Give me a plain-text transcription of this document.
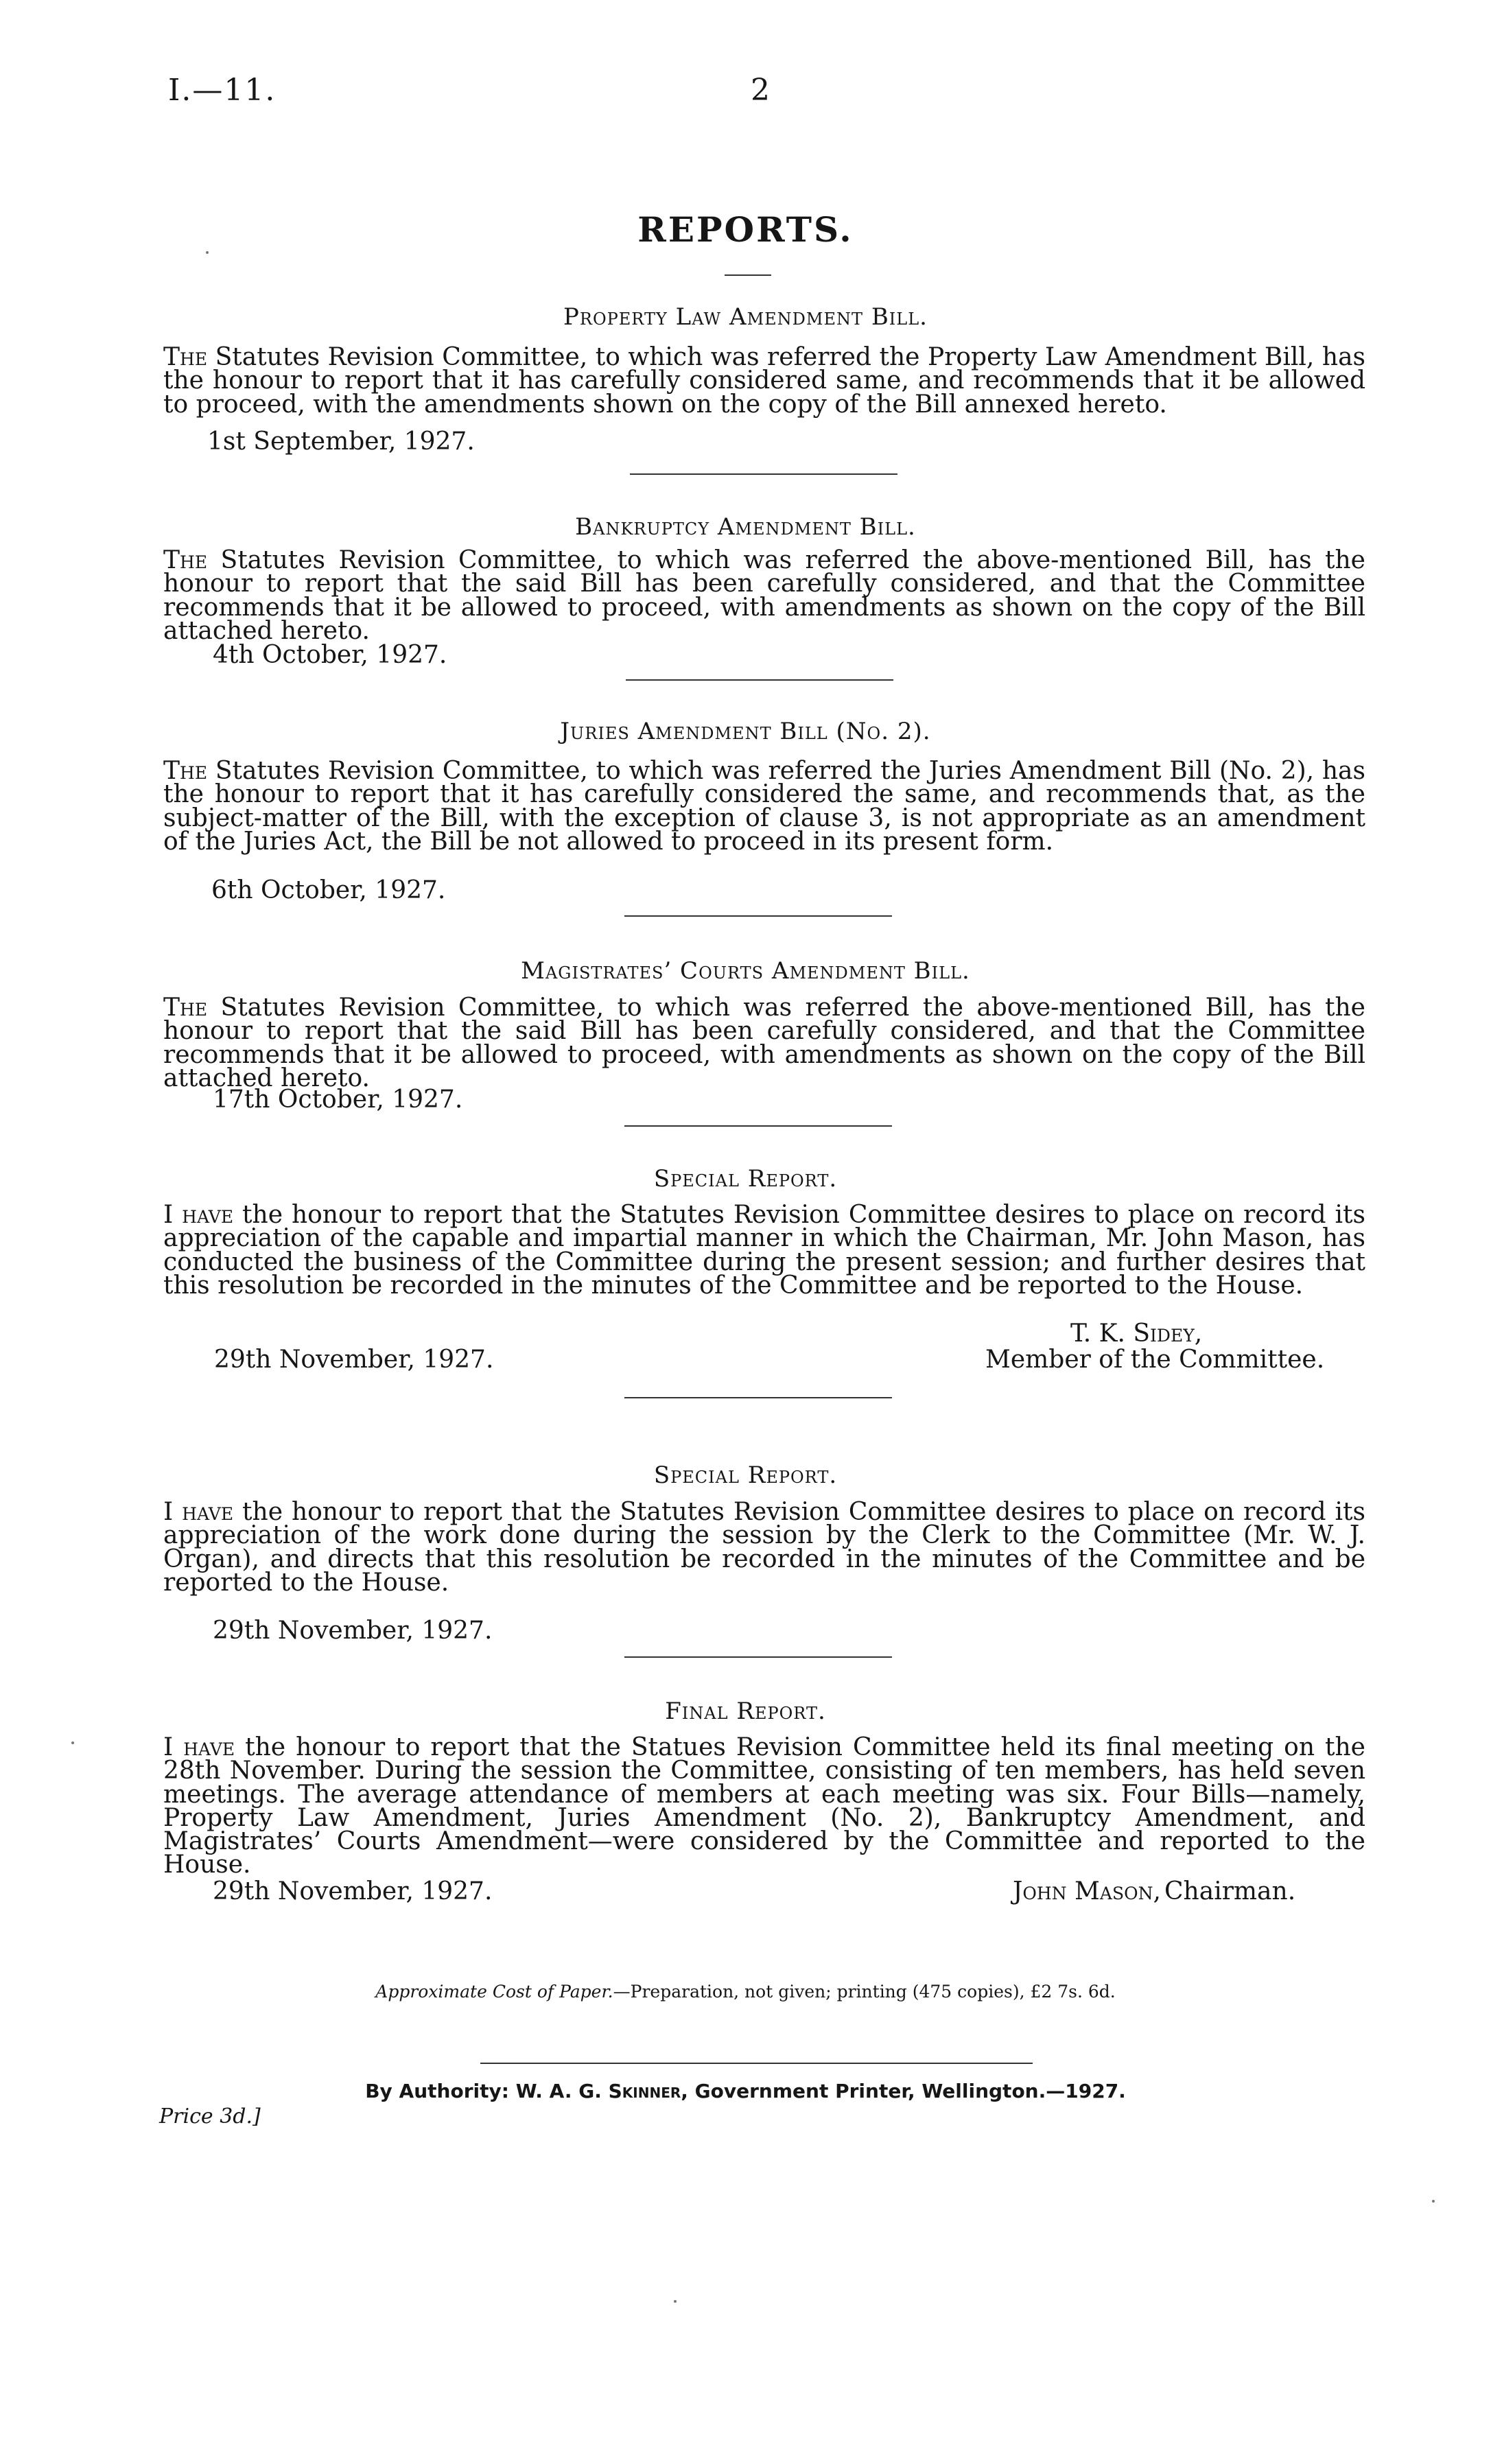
I.—11.	2
REPORTS.
Property Law Amendment Bill.
The Statutes Revision Committee, to which was referred the Property Law Amendment Bill, has the honour to report that it has carefully considered same, and recommends that it be allowed to proceed, with the amendments shown on the copy of the Bill annexed hereto.
1st September, 1927.
Bankruptcy Amendment Bill.
The Statutes Revision Committee, to which was referred the above-mentioned Bill, has the honour to report that the said Bill has been carefully considered, and that the Committee recommends that it be allowed to proceed, with amendments as shown on the copy of the Bill attached hereto.
4th October, 1927.
Juries Amendment Bill (No. 2).
The Statutes Revision Committee, to which was referred the Juries Amendment Bill (No. 2), has the honour to report that it has carefully considered the same, and recommends that, as the subject-matter of the Bill, with the exception of clause 3, is not appropriate as an amendment of the Juries Act, the Bill be not allowed to proceed in its present form.
6th October, 1927.
Magistrates’ Courts Amendment Bill.
The Statutes Revision Committee, to which was referred the above-mentioned Bill, has the honour to report that the said Bill has been carefully considered, and that the Committee recommends that it be allowed to proceed, with amendments as shown on the copy of the Bill attached hereto.
17th October, 1927.
Special Report.
I have the honour to report that the Statutes Revision Committee desires to place on record its appreciation of the capable and impartial manner in which the Chairman, Mr. John Mason, has conducted the business of the Committee during the present session; and further desires that this resolution be recorded in the minutes of the Committee and be reported to the House.
T. K. Sidey,
29th November, 1927.	Member of the Committee.
Special Report.
I have the honour to report that the Statutes Revision Committee desires to place on record its appreciation of the work done during the session by the Clerk to the Committee (Mr. W. J. Organ), and directs that this resolution be recorded in the minutes of the Committee and be reported to the House.
29th November, 1927.
Final Report.
I have the honour to report that the Statues Revision Committee held its final meeting on the 28th November. During the session the Committee, consisting of ten members, has held seven meetings. The average attendance of members at each meeting was six. Four Bills—namely, Property Law Amendment, Juries Amendment (No. 2), Bankruptcy Amendment, and Magistrates’ Courts Amendment—were considered by the Committee and reported to the House.
29th November, 1927.	John Mason, Chairman.
Approximate Cost of Paper.—Preparation, not given; printing (475 copies), £2 7s. 6d.
By Authority: W. A. G. Skinner, Government Printer, Wellington.—1927.
Price 3d.]
